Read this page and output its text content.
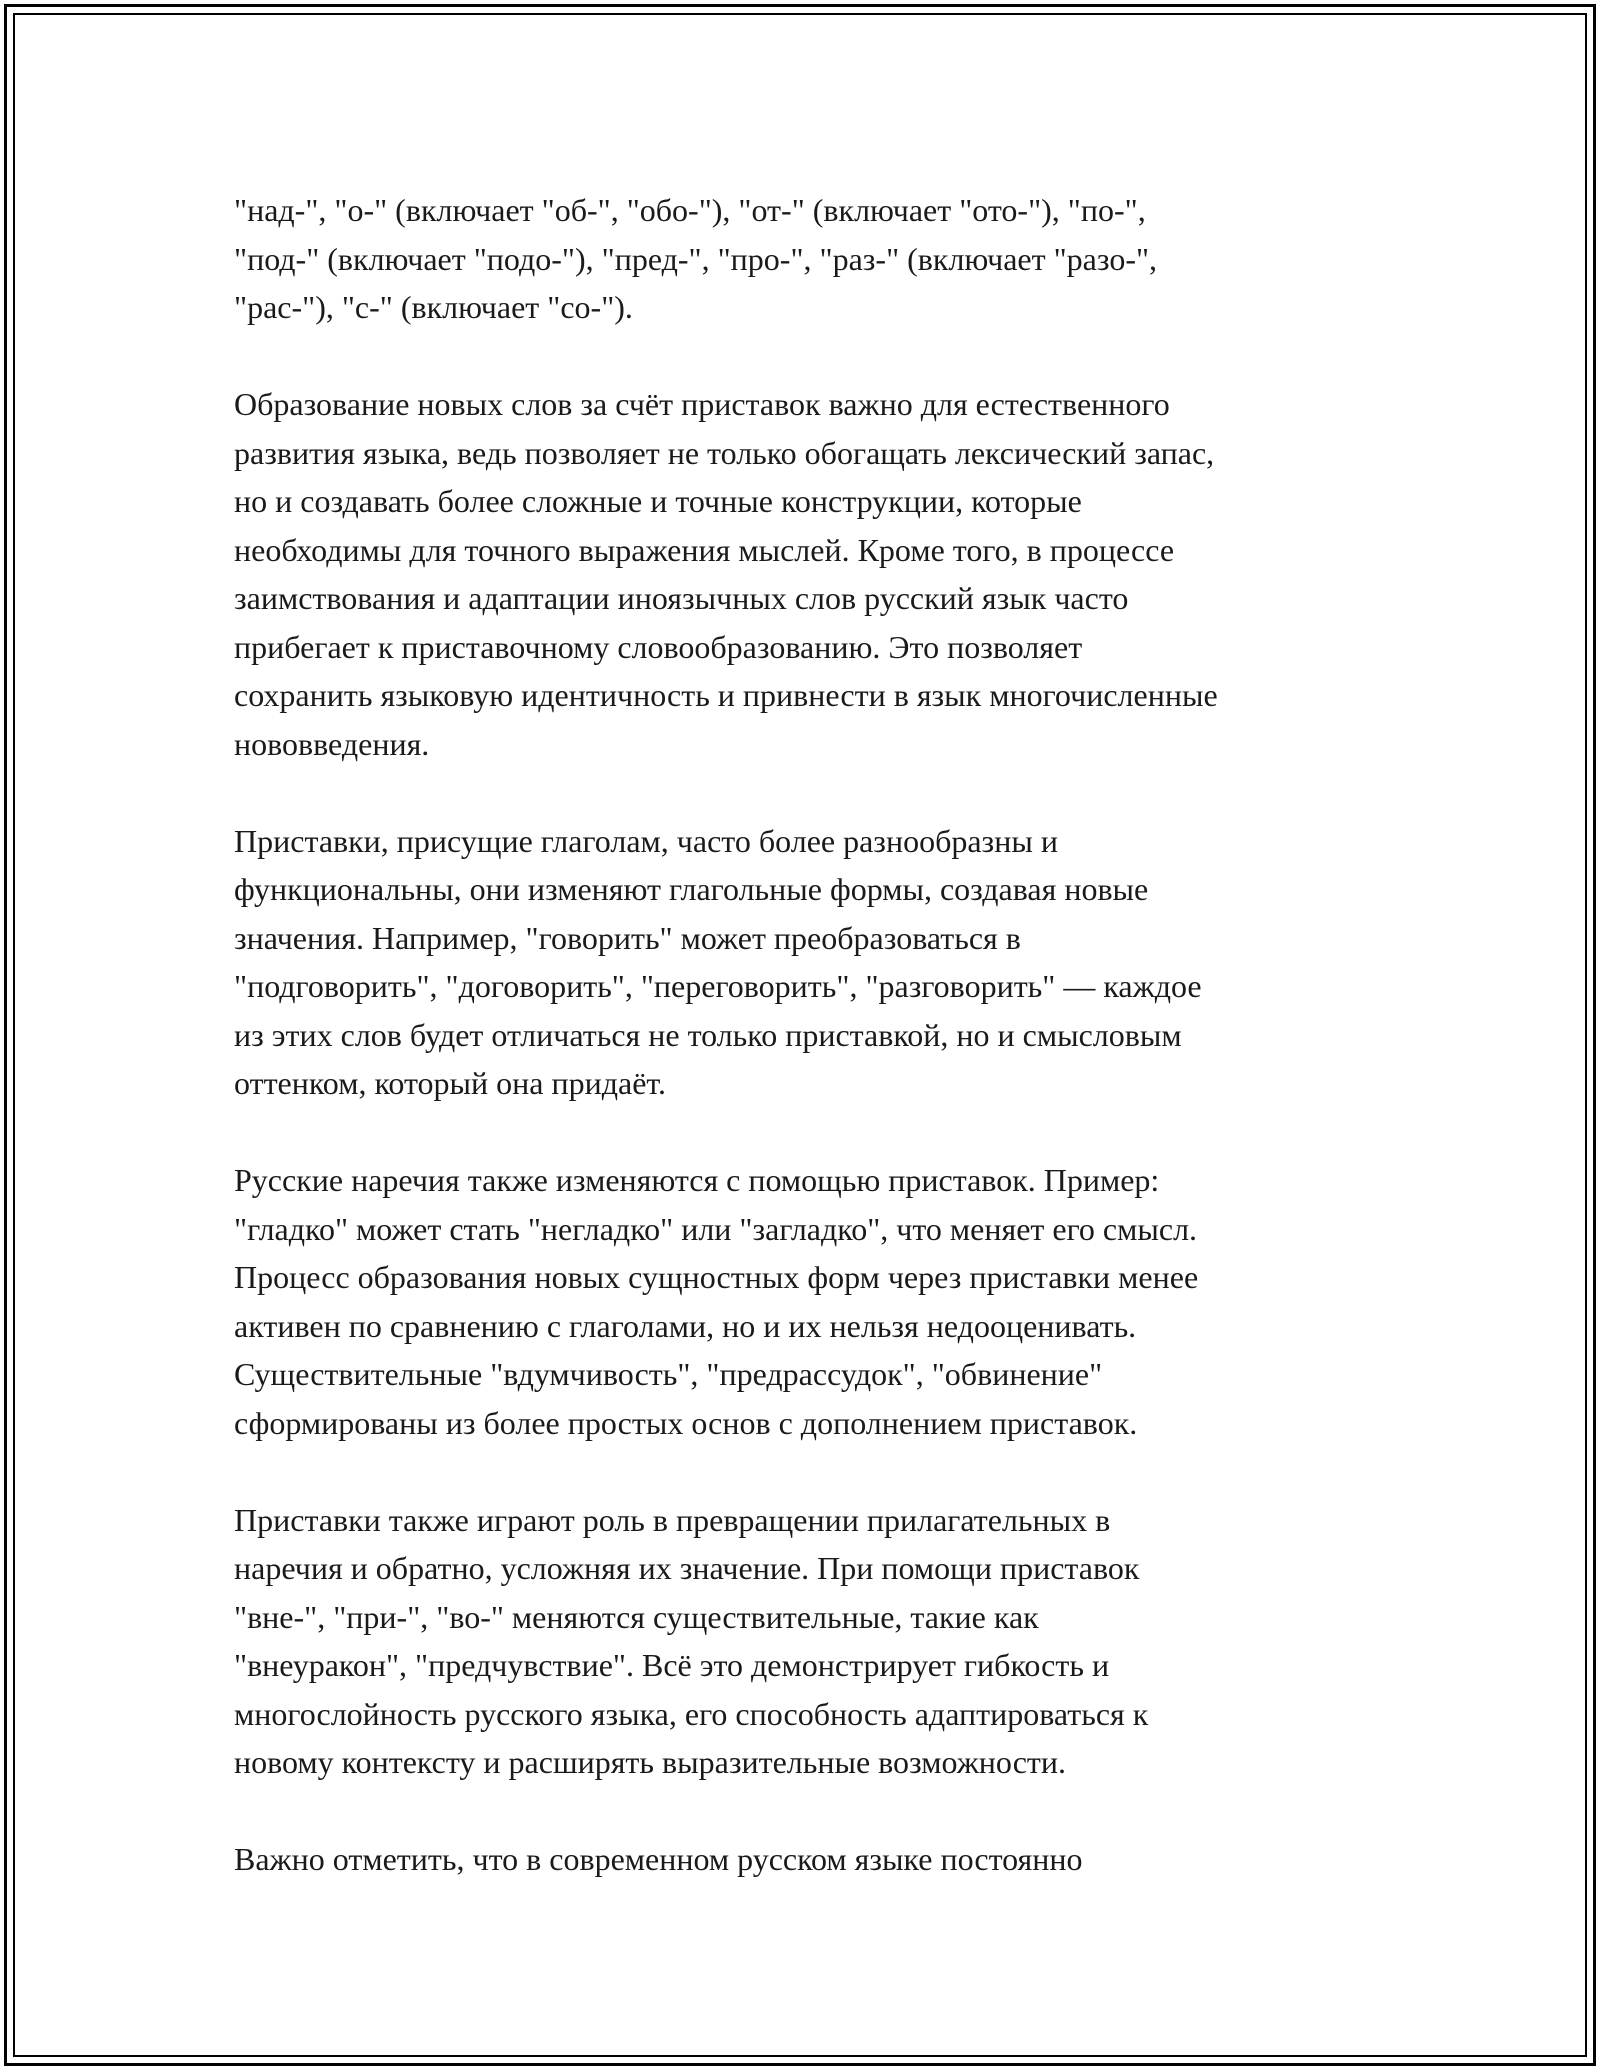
"над-", "о-" (включает "об-", "обо-"), "от-" (включает "ото-"), "по-",
"под-" (включает "подо-"), "пред-", "про-", "раз-" (включает "разо-",
"рас-"), "с-" (включает "со-").

Образование новых слов за счёт приставок важно для естественного
развития языка, ведь позволяет не только обогащать лексический запас,
но и создавать более сложные и точные конструкции, которые
необходимы для точного выражения мыслей. Кроме того, в процессе
заимствования и адаптации иноязычных слов русский язык часто
прибегает к приставочному словообразованию. Это позволяет
сохранить языковую идентичность и привнести в язык многочисленные
нововведения.

Приставки, присущие глаголам, часто более разнообразны и
функциональны, они изменяют глагольные формы, создавая новые
значения. Например, "говорить" может преобразоваться в
"подговорить", "договорить", "переговорить", "разговорить" — каждое
из этих слов будет отличаться не только приставкой, но и смысловым
оттенком, который она придаёт.

Русские наречия также изменяются с помощью приставок. Пример:
"гладко" может стать "негладко" или "загладко", что меняет его смысл.
Процесс образования новых сущностных форм через приставки менее
активен по сравнению с глаголами, но и их нельзя недооценивать.
Существительные "вдумчивость", "предрассудок", "обвинение"
сформированы из более простых основ с дополнением приставок.

Приставки также играют роль в превращении прилагательных в
наречия и обратно, усложняя их значение. При помощи приставок
"вне-", "при-", "во-" меняются существительные, такие как
"внеуракон", "предчувствие". Всё это демонстрирует гибкость и
многослойность русского языка, его способность адаптироваться к
новому контексту и расширять выразительные возможности.

Важно отметить, что в современном русском языке постоянно
